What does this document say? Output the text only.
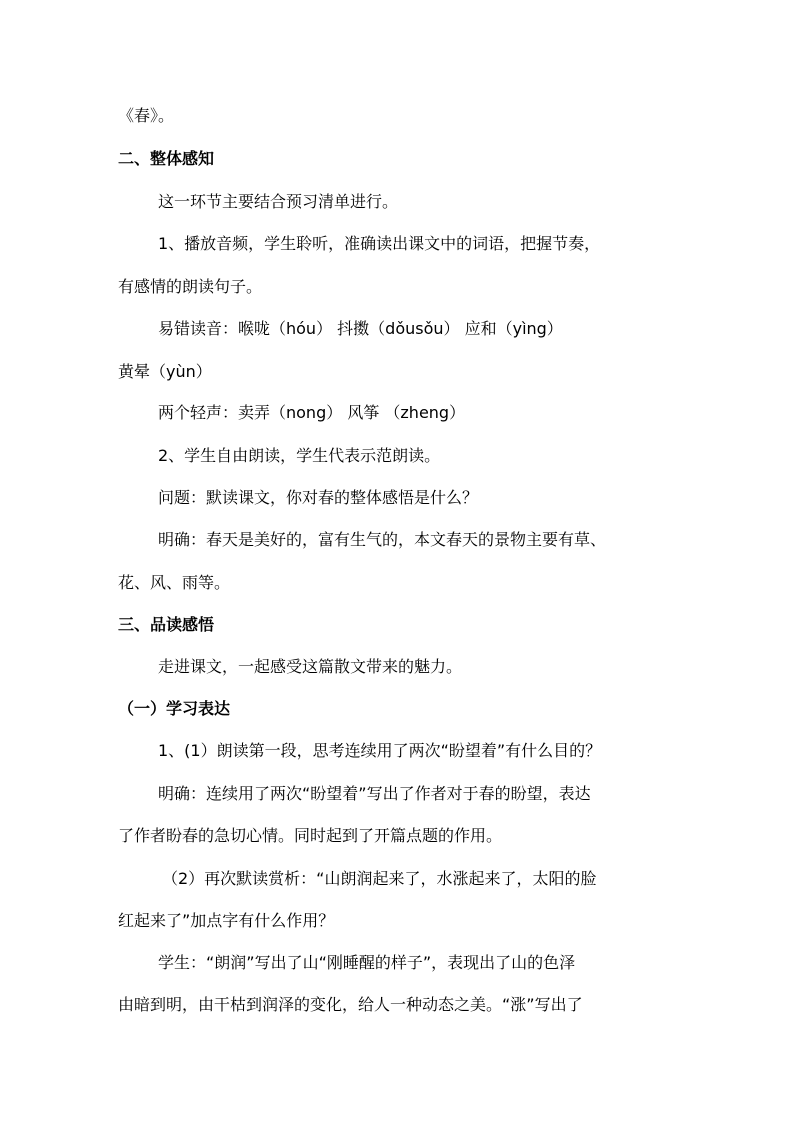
《春》。
二、整体感知
这一环节主要结合预习清单进行。
1、播放音频，学生聆听，准确读出课文中的词语，把握节奏，
有感情的朗读句子。
易错读音：喉咙（hóu） 抖擞（dǒusǒu） 应和（yìng）
黄晕（yùn）
两个轻声：卖弄（nong） 风筝 （zheng）
2、学生自由朗读，学生代表示范朗读。
问题：默读课文，你对春的整体感悟是什么？
明确：春天是美好的，富有生气的，本文春天的景物主要有草、
花、风、雨等。
三、品读感悟
走进课文，一起感受这篇散文带来的魅力。
（一）学习表达
1、(1）朗读第一段，思考连续用了两次“盼望着”有什么目的？
明确：连续用了两次“盼望着”写出了作者对于春的盼望，表达
了作者盼春的急切心情。同时起到了开篇点题的作用。
（2）再次默读赏析：“山朗润起来了，水涨起来了，太阳的脸
红起来了”加点字有什么作用？
学生：“朗润”写出了山“刚睡醒的样子”，表现出了山的色泽
由暗到明，由干枯到润泽的变化，给人一种动态之美。“涨”写出了
